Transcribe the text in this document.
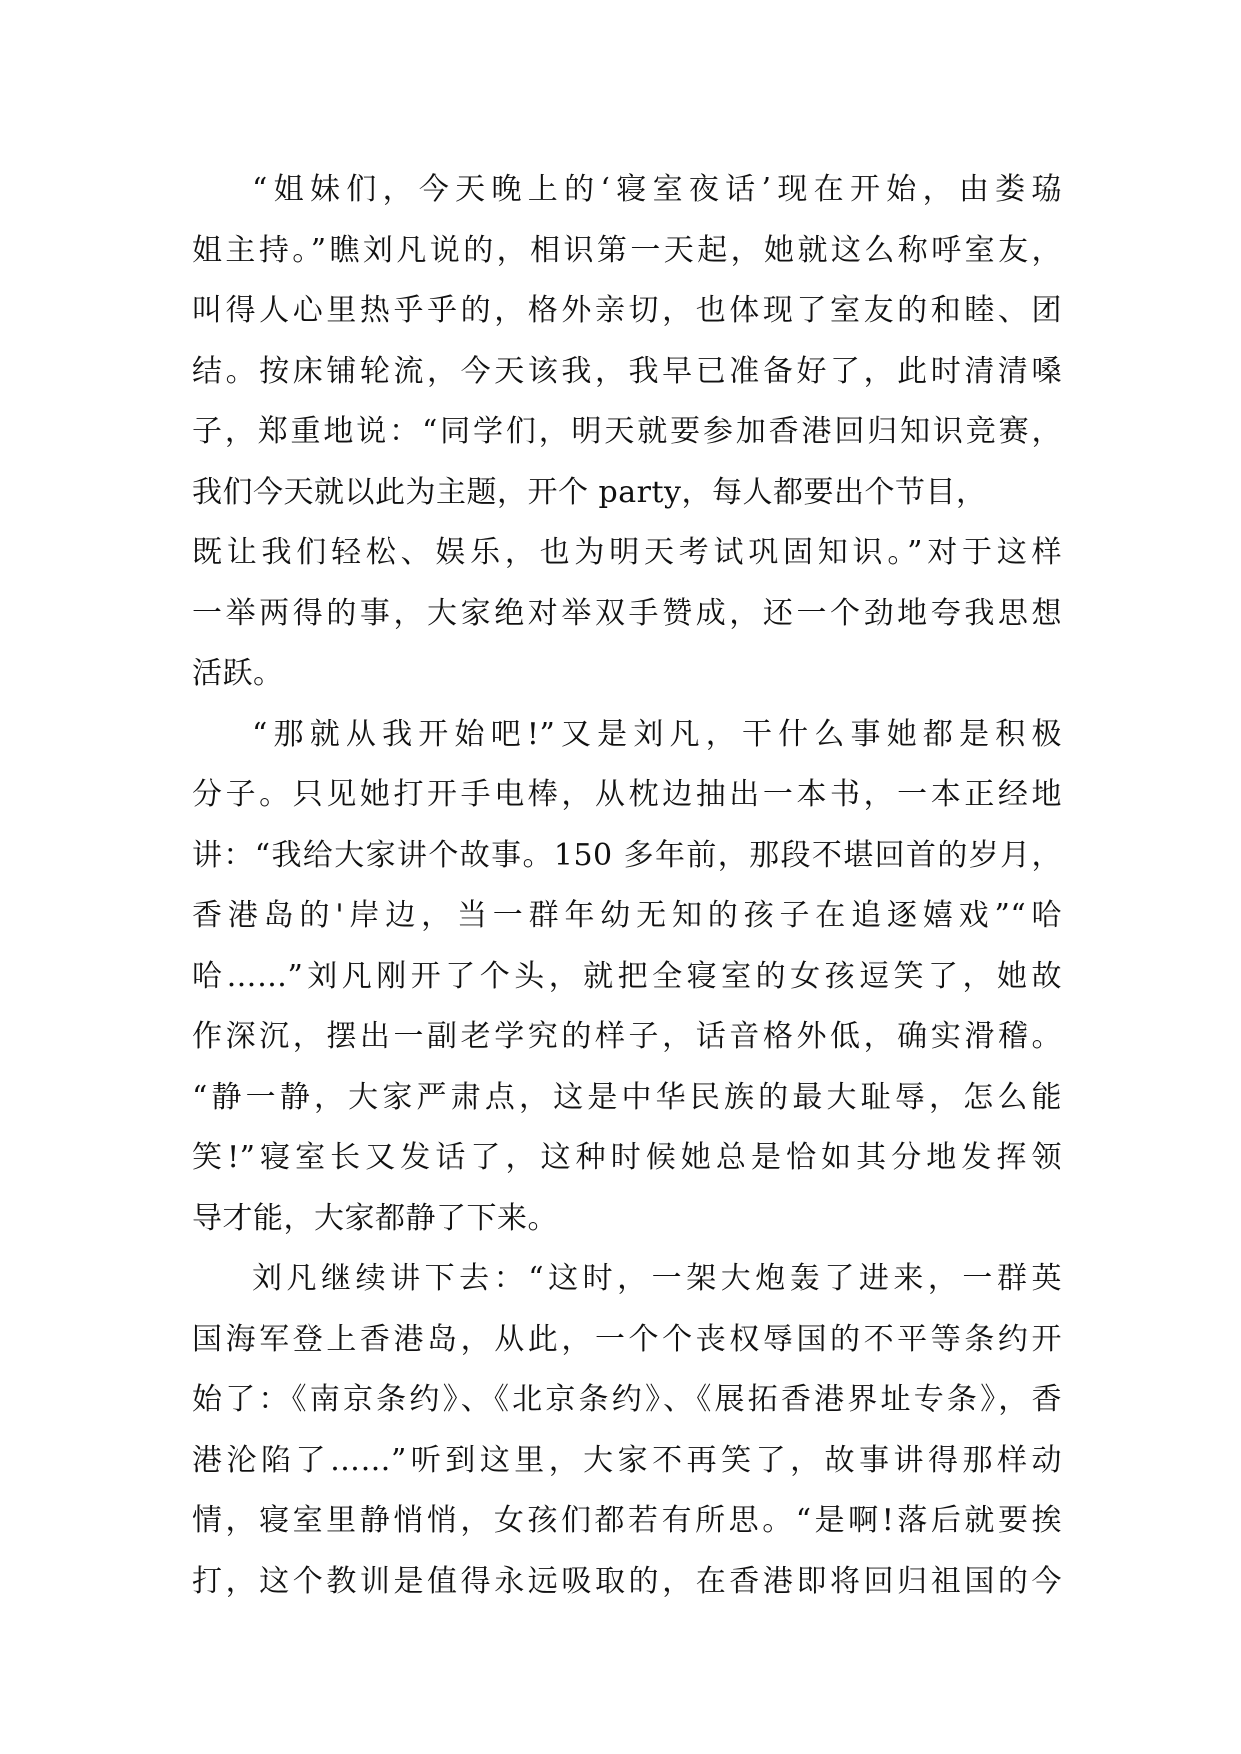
“姐妹们，今天晚上的‘寝室夜话’现在开始，由娄珕
姐主持。”瞧刘凡说的，相识第一天起，她就这么称呼室友，
叫得人心里热乎乎的，格外亲切，也体现了室友的和睦、团
结。按床铺轮流，今天该我，我早已准备好了，此时清清嗓
子，郑重地说：“同学们，明天就要参加香港回归知识竞赛，
我们今天就以此为主题，开个 party，每人都要出个节目，
既让我们轻松、娱乐，也为明天考试巩固知识。”对于这样
一举两得的事，大家绝对举双手赞成，还一个劲地夸我思想
活跃。
“那就从我开始吧!”又是刘凡，干什么事她都是积极
分子。只见她打开手电棒，从枕边抽出一本书，一本正经地
讲：“我给大家讲个故事。150 多年前，那段不堪回首的岁月，
香港岛的'岸边，当一群年幼无知的孩子在追逐嬉戏”“哈
哈……”刘凡刚开了个头，就把全寝室的女孩逗笑了，她故
作深沉，摆出一副老学究的样子，话音格外低，确实滑稽。
“静一静，大家严肃点，这是中华民族的最大耻辱，怎么能
笑!”寝室长又发话了，这种时候她总是恰如其分地发挥领
导才能，大家都静了下来。
刘凡继续讲下去：“这时，一架大炮轰了进来，一群英
国海军登上香港岛，从此，一个个丧权辱国的不平等条约开
始了：《南京条约》、《北京条约》、《展拓香港界址专条》，香
港沦陷了……”听到这里，大家不再笑了，故事讲得那样动
情，寝室里静悄悄，女孩们都若有所思。“是啊!落后就要挨
打，这个教训是值得永远吸取的，在香港即将回归祖国的今
